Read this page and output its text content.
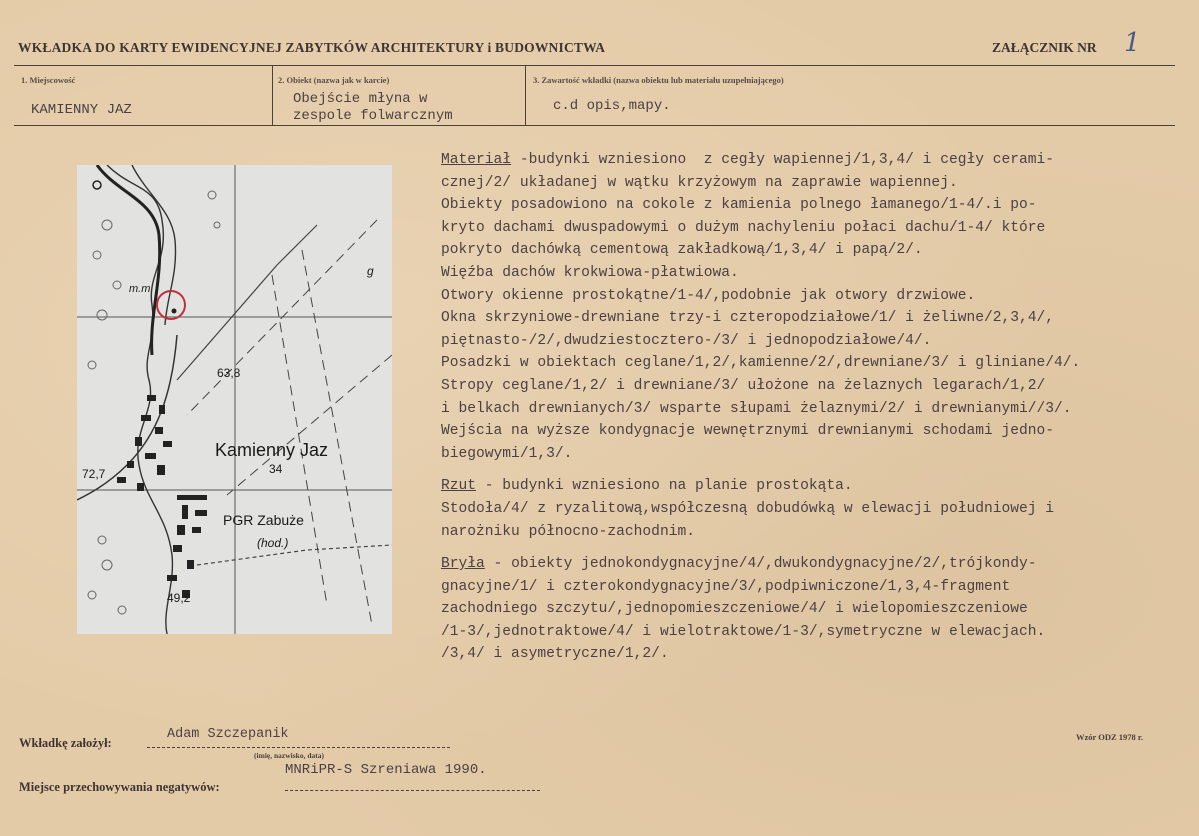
WKŁADKA DO KARTY EWIDENCYJNEJ ZABYTKÓW ARCHITEKTURY i BUDOWNICTWA	ZAŁĄCZNIK NR 1
1. Miejscowość
KAMIENNY JAZ
2. Obiekt (nazwa jak w karcie)
Obejście młyna w
zespole folwarcznym
3. Zawartość wkładki (nazwa obiektu lub materiału uzupełniającego)
c.d opis,mapy.
m.m
63,8
Kamienny Jaz
34
72,7
PGR Zabuże
(hod.)
49,2
g
Materiał -budynki wzniesiono  z cegły wapiennej/1,3,4/ i cegły cerami-
cznej/2/ układanej w wątku krzyżowym na zaprawie wapiennej.
Obiekty posadowiono na cokole z kamienia polnego łamanego/1-4/.i po-
kryto dachami dwuspadowymi o dużym nachyleniu połaci dachu/1-4/ które
pokryto dachówką cementową zakładkową/1,3,4/ i papą/2/.
Więźba dachów krokwiowa-płatwiowa.
Otwory okienne prostokątne/1-4/,podobnie jak otwory drzwiowe.
Okna skrzyniowe-drewniane trzy-i czteropodziałowe/1/ i żeliwne/2,3,4/,
piętnasto-/2/,dwudziestoczterо-/3/ i jednopodziałowe/4/.
Posadzki w obiektach ceglane/1,2/,kamienne/2/,drewniane/3/ i gliniane/4/.
Stropy ceglane/1,2/ i drewniane/3/ ułożone na żelaznych legarach/1,2/
i belkach drewnianych/3/ wsparte słupami żelaznymi/2/ i drewnianymi//3/.
Wejścia na wyższe kondygnacje wewnętrznymi drewnianymi schodami jedno-
biegowymi/1,3/.
Rzut - budynki wzniesiono na planie prostokąta.
Stodoła/4/ z ryzalitową,współczesną dobudówką w elewacji południowej i
narożniku północno-zachodnim.
Bryła - obiekty jednokondygnacyjne/4/,dwukondygnacyjne/2/,trójkondy-
gnacyjne/1/ i czterokondygnacyjne/3/,podpiwniczone/1,3,4-fragment
zachodniego szczytu/,jednopomieszczeniowe/4/ i wielopomieszczeniowe
/1-3/,jednotraktowe/4/ i wielotraktowe/1-3/,symetryczne w elewacjach.
/3,4/ i asymetryczne/1,2/.
Wkładkę założył:
Adam Szczepanik
(imię, nazwisko, data)
Wzór ODZ 1978 r.
Miejsce przechowywania negatywów:
MNRiPR-S Szreniawa 1990.
